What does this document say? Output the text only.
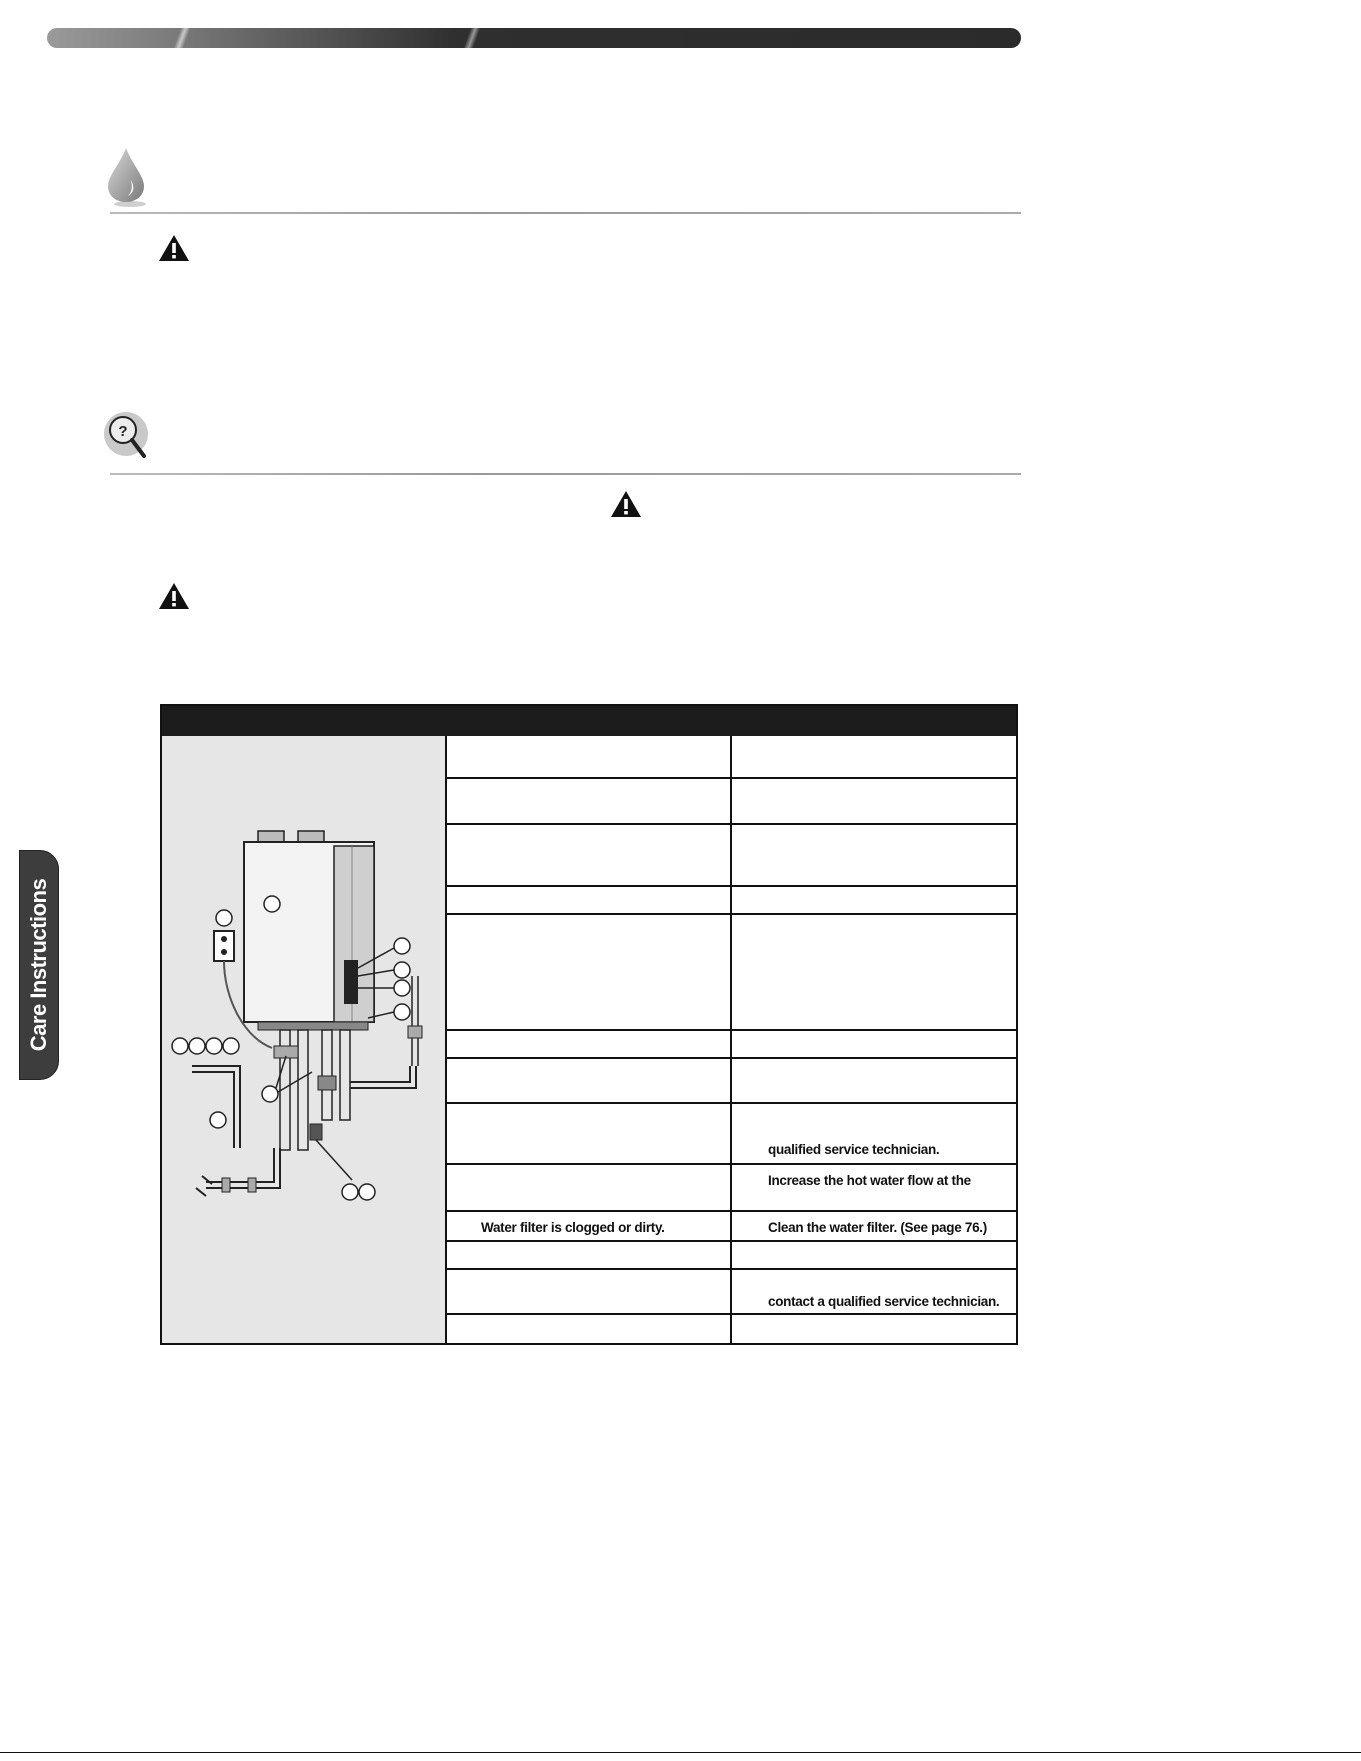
?
Care Instructions
qualified service technician.
Increase the hot water flow at the
Water filter is clogged or dirty.	Clean the water filter. (See page 76.)
contact a qualified service technician.
